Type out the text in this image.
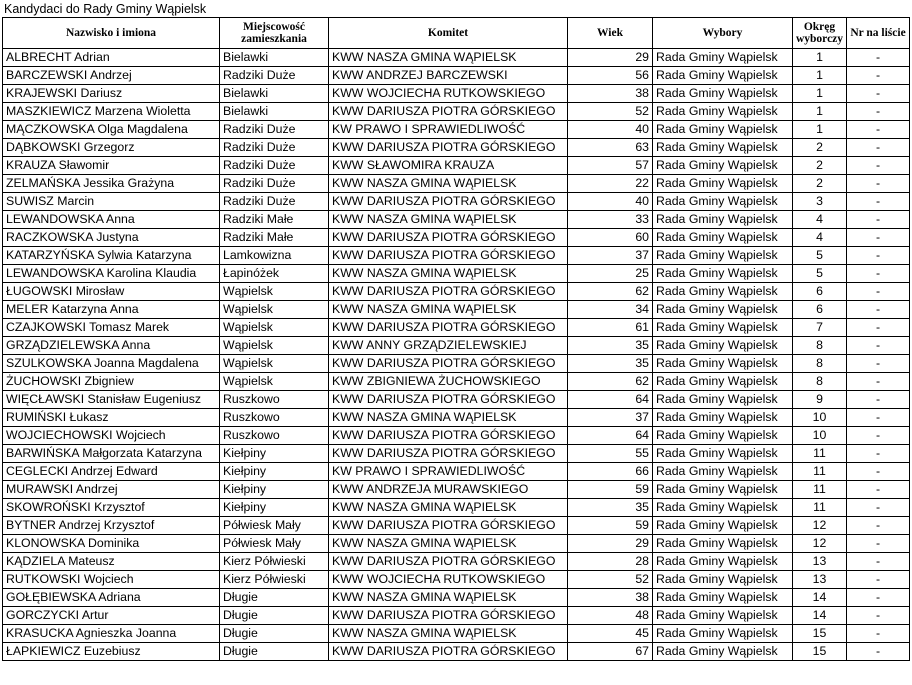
Kandydaci do Rady Gminy Wąpielsk
Nazwisko i imiona	Miejscowość zamieszkania	Komitet	Wiek	Wybory	Okręg wyborczy	Nr na liście
ALBRECHT Adrian	Bielawki	KWW NASZA GMINA WĄPIELSK	29	Rada Gminy Wąpielsk	1	-
BARCZEWSKI Andrzej	Radziki Duże	KWW ANDRZEJ BARCZEWSKI	56	Rada Gminy Wąpielsk	1	-
KRAJEWSKI Dariusz	Bielawki	KWW WOJCIECHA RUTKOWSKIEGO	38	Rada Gminy Wąpielsk	1	-
MASZKIEWICZ Marzena Wioletta	Bielawki	KWW DARIUSZA PIOTRA GÓRSKIEGO	52	Rada Gminy Wąpielsk	1	-
MĄCZKOWSKA Olga Magdalena	Radziki Duże	KW PRAWO I SPRAWIEDLIWOŚĆ	40	Rada Gminy Wąpielsk	1	-
DĄBKOWSKI Grzegorz	Radziki Duże	KWW DARIUSZA PIOTRA GÓRSKIEGO	63	Rada Gminy Wąpielsk	2	-
KRAUZA Sławomir	Radziki Duże	KWW SŁAWOMIRA KRAUZA	57	Rada Gminy Wąpielsk	2	-
ZELMAŃSKA Jessika Grażyna	Radziki Duże	KWW NASZA GMINA WĄPIELSK	22	Rada Gminy Wąpielsk	2	-
SUWISZ Marcin	Radziki Duże	KWW DARIUSZA PIOTRA GÓRSKIEGO	40	Rada Gminy Wąpielsk	3	-
LEWANDOWSKA Anna	Radziki Małe	KWW NASZA GMINA WĄPIELSK	33	Rada Gminy Wąpielsk	4	-
RACZKOWSKA Justyna	Radziki Małe	KWW DARIUSZA PIOTRA GÓRSKIEGO	60	Rada Gminy Wąpielsk	4	-
KATARZYŃSKA Sylwia Katarzyna	Lamkowizna	KWW DARIUSZA PIOTRA GÓRSKIEGO	37	Rada Gminy Wąpielsk	5	-
LEWANDOWSKA Karolina Klaudia	Łapinóżek	KWW NASZA GMINA WĄPIELSK	25	Rada Gminy Wąpielsk	5	-
ŁUGOWSKI Mirosław	Wąpielsk	KWW DARIUSZA PIOTRA GÓRSKIEGO	62	Rada Gminy Wąpielsk	6	-
MELER Katarzyna Anna	Wąpielsk	KWW NASZA GMINA WĄPIELSK	34	Rada Gminy Wąpielsk	6	-
CZAJKOWSKI Tomasz Marek	Wąpielsk	KWW DARIUSZA PIOTRA GÓRSKIEGO	61	Rada Gminy Wąpielsk	7	-
GRZĄDZIELEWSKA Anna	Wąpielsk	KWW ANNY GRZĄDZIELEWSKIEJ	35	Rada Gminy Wąpielsk	8	-
SZULKOWSKA Joanna Magdalena	Wąpielsk	KWW DARIUSZA PIOTRA GÓRSKIEGO	35	Rada Gminy Wąpielsk	8	-
ŻUCHOWSKI Zbigniew	Wąpielsk	KWW ZBIGNIEWA ŻUCHOWSKIEGO	62	Rada Gminy Wąpielsk	8	-
WIĘCŁAWSKI Stanisław Eugeniusz	Ruszkowo	KWW DARIUSZA PIOTRA GÓRSKIEGO	64	Rada Gminy Wąpielsk	9	-
RUMIŃSKI Łukasz	Ruszkowo	KWW NASZA GMINA WĄPIELSK	37	Rada Gminy Wąpielsk	10	-
WOJCIECHOWSKI Wojciech	Ruszkowo	KWW DARIUSZA PIOTRA GÓRSKIEGO	64	Rada Gminy Wąpielsk	10	-
BARWIŃSKA Małgorzata Katarzyna	Kiełpiny	KWW DARIUSZA PIOTRA GÓRSKIEGO	55	Rada Gminy Wąpielsk	11	-
CEGLECKI Andrzej Edward	Kiełpiny	KW PRAWO I SPRAWIEDLIWOŚĆ	66	Rada Gminy Wąpielsk	11	-
MURAWSKI Andrzej	Kiełpiny	KWW ANDRZEJA MURAWSKIEGO	59	Rada Gminy Wąpielsk	11	-
SKOWROŃSKI Krzysztof	Kiełpiny	KWW NASZA GMINA WĄPIELSK	35	Rada Gminy Wąpielsk	11	-
BYTNER Andrzej Krzysztof	Półwiesk Mały	KWW DARIUSZA PIOTRA GÓRSKIEGO	59	Rada Gminy Wąpielsk	12	-
KLONOWSKA Dominika	Półwiesk Mały	KWW NASZA GMINA WĄPIELSK	29	Rada Gminy Wąpielsk	12	-
KĄDZIELA Mateusz	Kierz Półwieski	KWW DARIUSZA PIOTRA GÓRSKIEGO	28	Rada Gminy Wąpielsk	13	-
RUTKOWSKI Wojciech	Kierz Półwieski	KWW WOJCIECHA RUTKOWSKIEGO	52	Rada Gminy Wąpielsk	13	-
GOŁĘBIEWSKA Adriana	Długie	KWW NASZA GMINA WĄPIELSK	38	Rada Gminy Wąpielsk	14	-
GORCZYCKI Artur	Długie	KWW DARIUSZA PIOTRA GÓRSKIEGO	48	Rada Gminy Wąpielsk	14	-
KRASUCKA Agnieszka Joanna	Długie	KWW NASZA GMINA WĄPIELSK	45	Rada Gminy Wąpielsk	15	-
ŁAPKIEWICZ Euzebiusz	Długie	KWW DARIUSZA PIOTRA GÓRSKIEGO	67	Rada Gminy Wąpielsk	15	-
